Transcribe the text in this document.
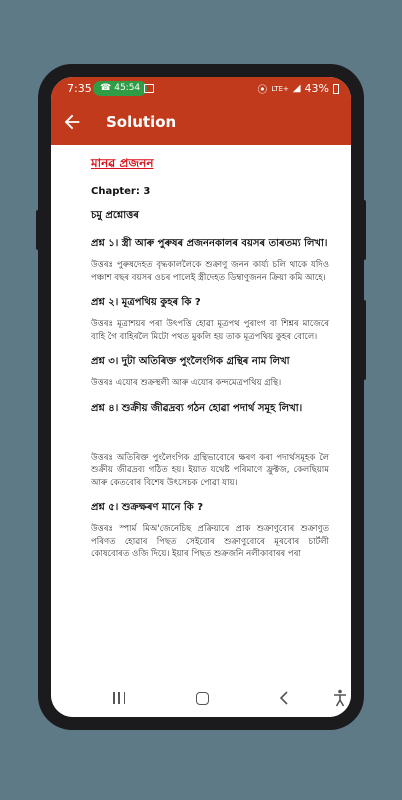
7:35 ☎ 45:54	⦿ LTE+ ◢ 43%
Solution
মানৱ প্ৰজনন
Chapter: 3
চমু প্ৰশ্নোত্তৰ
প্ৰশ্ন ১। স্ত্ৰী আৰু পুৰুষৰ প্ৰজননকালৰ বয়সৰ তাৰতম্য লিখা।
উত্তৰঃ পুৰুষদেহত বৃদ্ধকাললৈকে শুক্ৰাণু জনন কাৰ্য্য চলি থাকে যদিও পঞ্চাশ বছৰ বয়সৰ ওচৰ পালেই স্ত্ৰীদেহত ডিম্বাণুজনন ক্ৰিয়া কমি আহে।
প্ৰশ্ন ২। মূত্ৰপথিয় কুহৰ কি ?
উত্তৰঃ মূত্ৰাশয়ৰ পৰা উৎপত্তি হোৱা মূত্ৰপথ পুৰাংগ বা শিশ্নৰ মাজেৰে বাহি গৈ বাহিৰলৈ মিটো পথত মুকলি হয় তাক মূত্ৰপথিয় কুহৰ বোলে।
প্ৰশ্ন ৩। দুটা অতিৰিক্ত পুংলৈংগিক গ্ৰন্থিৰ নাম লিখা
উত্তৰঃ এযোৰ শুক্ৰস্থলী আৰু এযোৰ কন্দমেত্ৰপথিয় গ্ৰন্থি।
প্ৰশ্ন ৪। শুক্ৰীয় জীৱদ্ৰব্য গঠন হোৱা পদাৰ্থ সমূহ লিখা।
উত্তৰঃ অতিৰিক্ত পুংলৈংগিক গ্ৰন্থিভাবোৰে ক্ষৰণ কৰা পদাৰ্থসমূহক লৈ শুক্ৰীয় জীৱদ্ৰব্য গঠিত হয়। ইয়াত যথেষ্ট পৰিমাণে ফ্ৰুক্টজ, কেলছিয়াম আৰু কেতবোৰ বিশেষ উৎসেচক পোৱা যায়।
প্ৰশ্ন ৫। শুক্ৰক্ষৰণ মানে কি ?
উত্তৰঃ স্পাৰ্ম মিঅ'জেনেচিছ প্ৰক্ৰিয়াৰে প্ৰাক শুক্ৰাণুবোৰ শুক্ৰাণুত পৰিণত হোৱাৰ পিছত সেইবোৰ শুক্ৰাণুবোৰে মূৰবোৰ চাৰ্টলী কোষবোৰত ওজি দিয়ে। ইয়াৰ পিছত শুক্ৰজনি নলীকাবাৰৰ পৰা
